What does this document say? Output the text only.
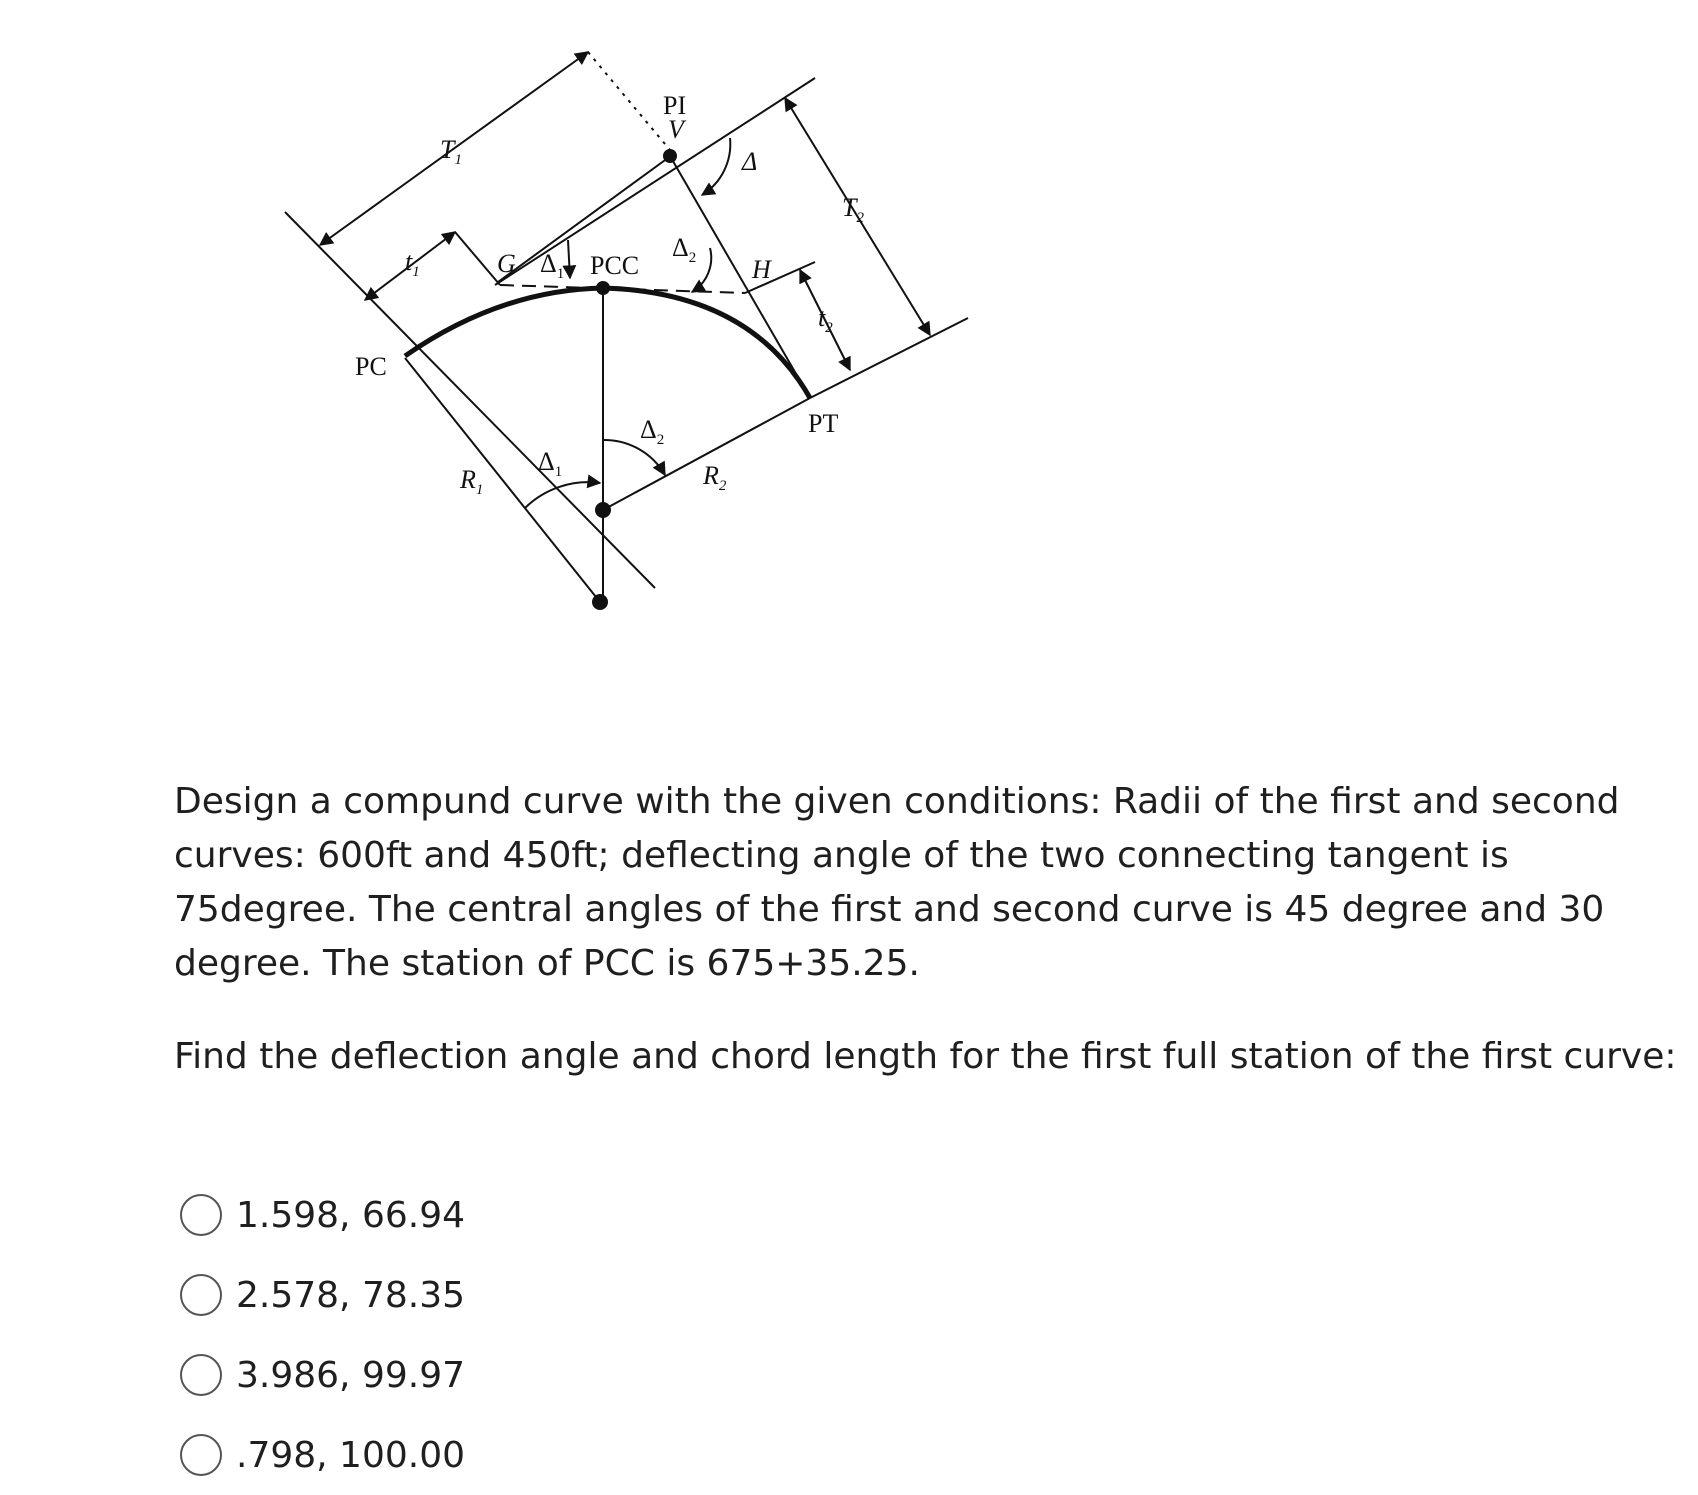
PI
V
Δ
$T_1$
$T_2$
$t_1$
$t_2$
G $\Delta_1$ PCC
$\Delta_2$ H
PC
PT
$R_1$	$R_2$
$\Delta_1$
$\Delta_2$

Design a compund curve with the given conditions: Radii of the first and second curves: 600ft and 450ft; deflecting angle of the two connecting tangent is 75degree. The central angles of the first and second curve is 45 degree and 30 degree. The station of PCC is 675+35.25.

Find the deflection angle and chord length for the first full station of the first curve:

1.598, 66.94
2.578, 78.35
3.986, 99.97
.798, 100.00
